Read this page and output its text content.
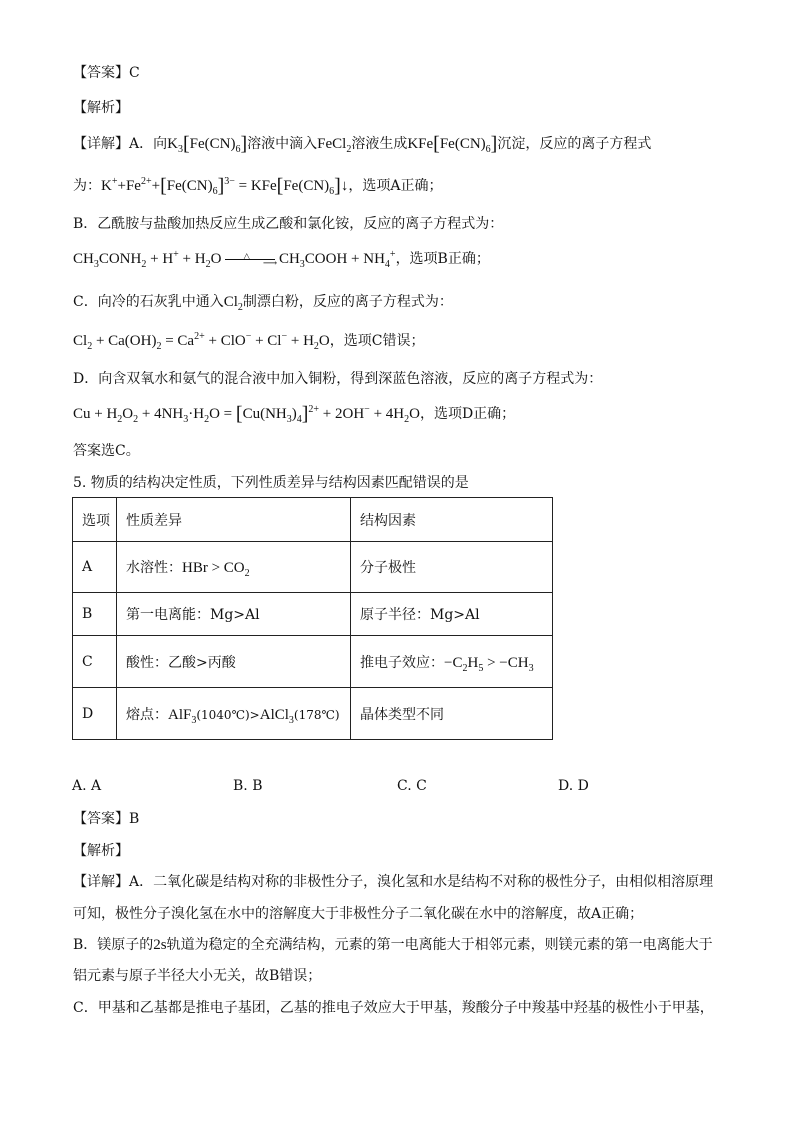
【答案】C
【解析】
【详解】A．向$K_3[Fe(CN)_6]$溶液中滴入FeCl$_2$溶液生成$KFe[Fe(CN)_6]$沉淀，反应的离子方程式
为：$K^++Fe^{2+}+[Fe(CN)_6]^{3-}$ = $KFe[Fe(CN)_6]↓$，选项A正确；
B．乙酰胺与盐酸加热反应生成乙酸和氯化铵，反应的离子方程式为：
$CH_3CONH_2 + H^+ + H_2O$ △
⟶
$CH_3COOH + NH_4^+$，选项B正确；
C．向冷的石灰乳中通入$Cl_2$制漂白粉，反应的离子方程式为：
$Cl_2 + Ca(OH)_2 = Ca^{2+} + ClO^- + Cl^- + H_2O$，选项C错误；
D．向含双氧水和氨气的混合液中加入铜粉，得到深蓝色溶液，反应的离子方程式为：
$Cu + H_2O_2 + 4NH_3\cdot H_2O = [Cu(NH_3)_4]^{2+} + 2OH^- + 4H_2O$，选项D正确；
答案选C。
5. 物质的结构决定性质，下列性质差异与结构因素匹配错误的是
选项	性质差异	结构因素
A	水溶性：HBr > $CO_2$	分子极性
B	第一电离能：Mg>Al	原子半径：Mg>Al
C	酸性：乙酸>丙酸	推电子效应：$-C_2H_5 > -CH_3$
D	熔点：AlF$_3$(1040℃)>AlCl$_3$(178℃)	晶体类型不同
A. A	B. B	C. C	D. D
【答案】B
【解析】
【详解】A．二氧化碳是结构对称的非极性分子，溴化氢和水是结构不对称的极性分子，由相似相溶原理
可知，极性分子溴化氢在水中的溶解度大于非极性分子二氧化碳在水中的溶解度，故A正确；
B．镁原子的2s轨道为稳定的全充满结构，元素的第一电离能大于相邻元素，则镁元素的第一电离能大于
铝元素与原子半径大小无关，故B错误；
C．甲基和乙基都是推电子基团，乙基的推电子效应大于甲基，羧酸分子中羧基中羟基的极性小于甲基，
